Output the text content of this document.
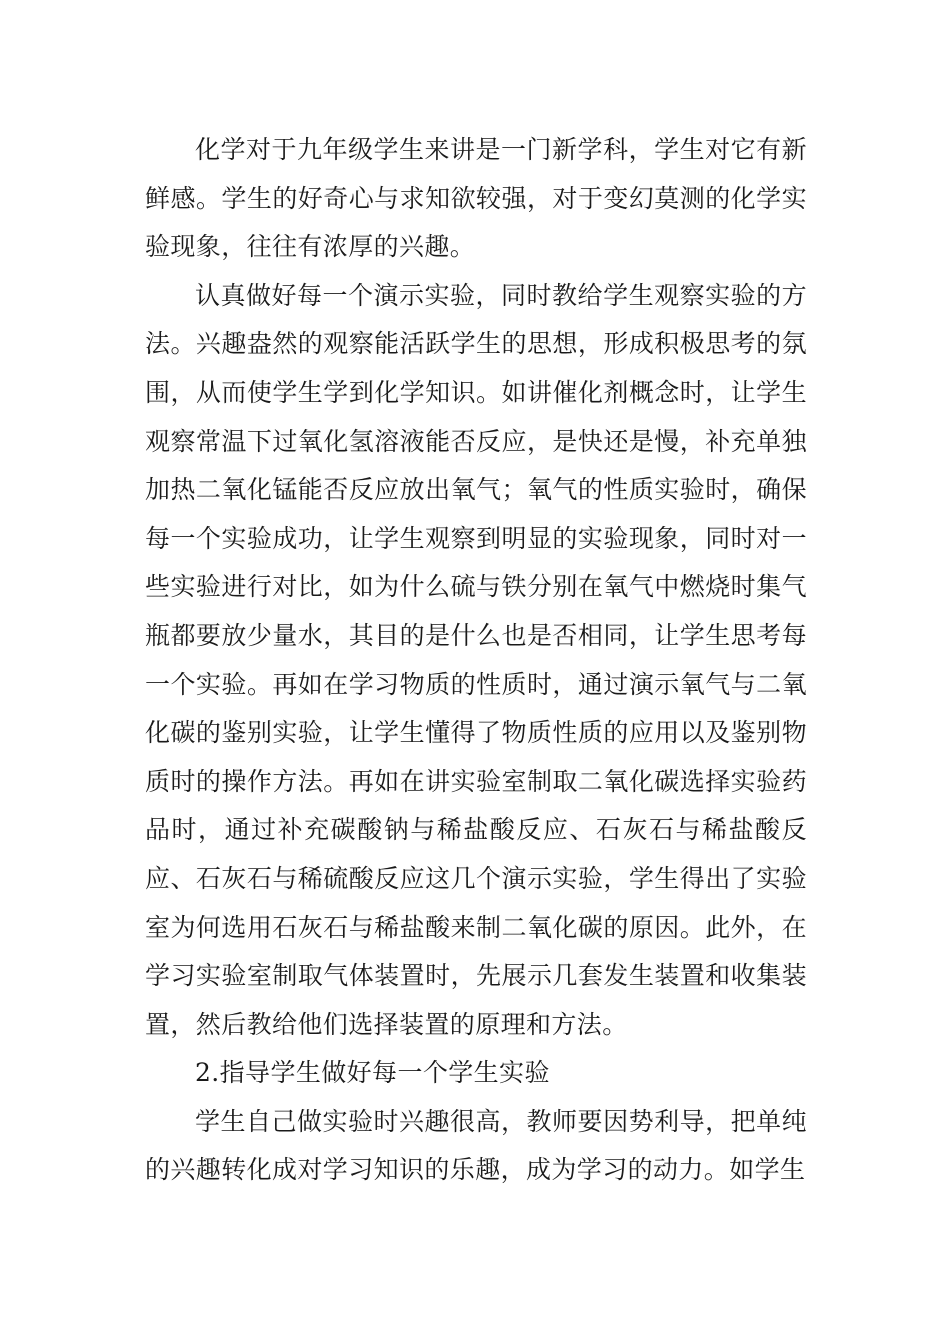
化学对于九年级学生来讲是一门新学科，学生对它有新鲜感。学生的好奇心与求知欲较强，对于变幻莫测的化学实验现象，往往有浓厚的兴趣。

认真做好每一个演示实验，同时教给学生观察实验的方法。兴趣盎然的观察能活跃学生的思想，形成积极思考的氛围，从而使学生学到化学知识。如讲催化剂概念时，让学生观察常温下过氧化氢溶液能否反应，是快还是慢，补充单独加热二氧化锰能否反应放出氧气；氧气的性质实验时，确保每一个实验成功，让学生观察到明显的实验现象，同时对一些实验进行对比，如为什么硫与铁分别在氧气中燃烧时集气瓶都要放少量水，其目的是什么也是否相同，让学生思考每一个实验。再如在学习物质的性质时，通过演示氧气与二氧化碳的鉴别实验，让学生懂得了物质性质的应用以及鉴别物质时的操作方法。再如在讲实验室制取二氧化碳选择实验药品时，通过补充碳酸钠与稀盐酸反应、石灰石与稀盐酸反应、石灰石与稀硫酸反应这几个演示实验，学生得出了实验室为何选用石灰石与稀盐酸来制二氧化碳的原因。此外，在学习实验室制取气体装置时，先展示几套发生装置和收集装置，然后教给他们选择装置的原理和方法。

2.指导学生做好每一个学生实验

学生自己做实验时兴趣很高，教师要因势利导，把单纯的兴趣转化成对学习知识的乐趣，成为学习的动力。如学生
